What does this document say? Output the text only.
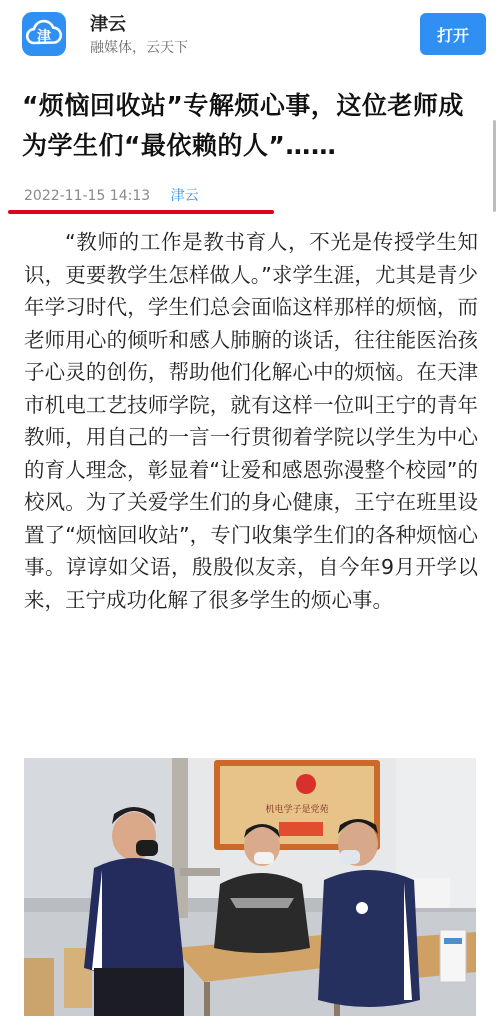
津
津云
融媒体，云天下
打开
“烦恼回收站”专解烦心事，这位老师成为学生们“最依赖的人”……
2022-11-15 14:13 津云

“教师的工作是教书育人，不光是传授学生知识，更要教学生怎样做人。”求学生涯，尤其是青少年学习时代，学生们总会面临这样那样的烦恼，而老师用心的倾听和感人肺腑的谈话，往往能医治孩子心灵的创伤，帮助他们化解心中的烦恼。在天津市机电工艺技师学院，就有这样一位叫王宁的青年教师，用自己的一言一行贯彻着学院以学生为中心的育人理念，彰显着“让爱和感恩弥漫整个校园”的校风。为了关爱学生们的身心健康，王宁在班里设置了“烦恼回收站”，专门收集学生们的各种烦恼心事。谆谆如父语，殷殷似友亲，自今年9月开学以来，王宁成功化解了很多学生的烦心事。

机电学子是党苑
